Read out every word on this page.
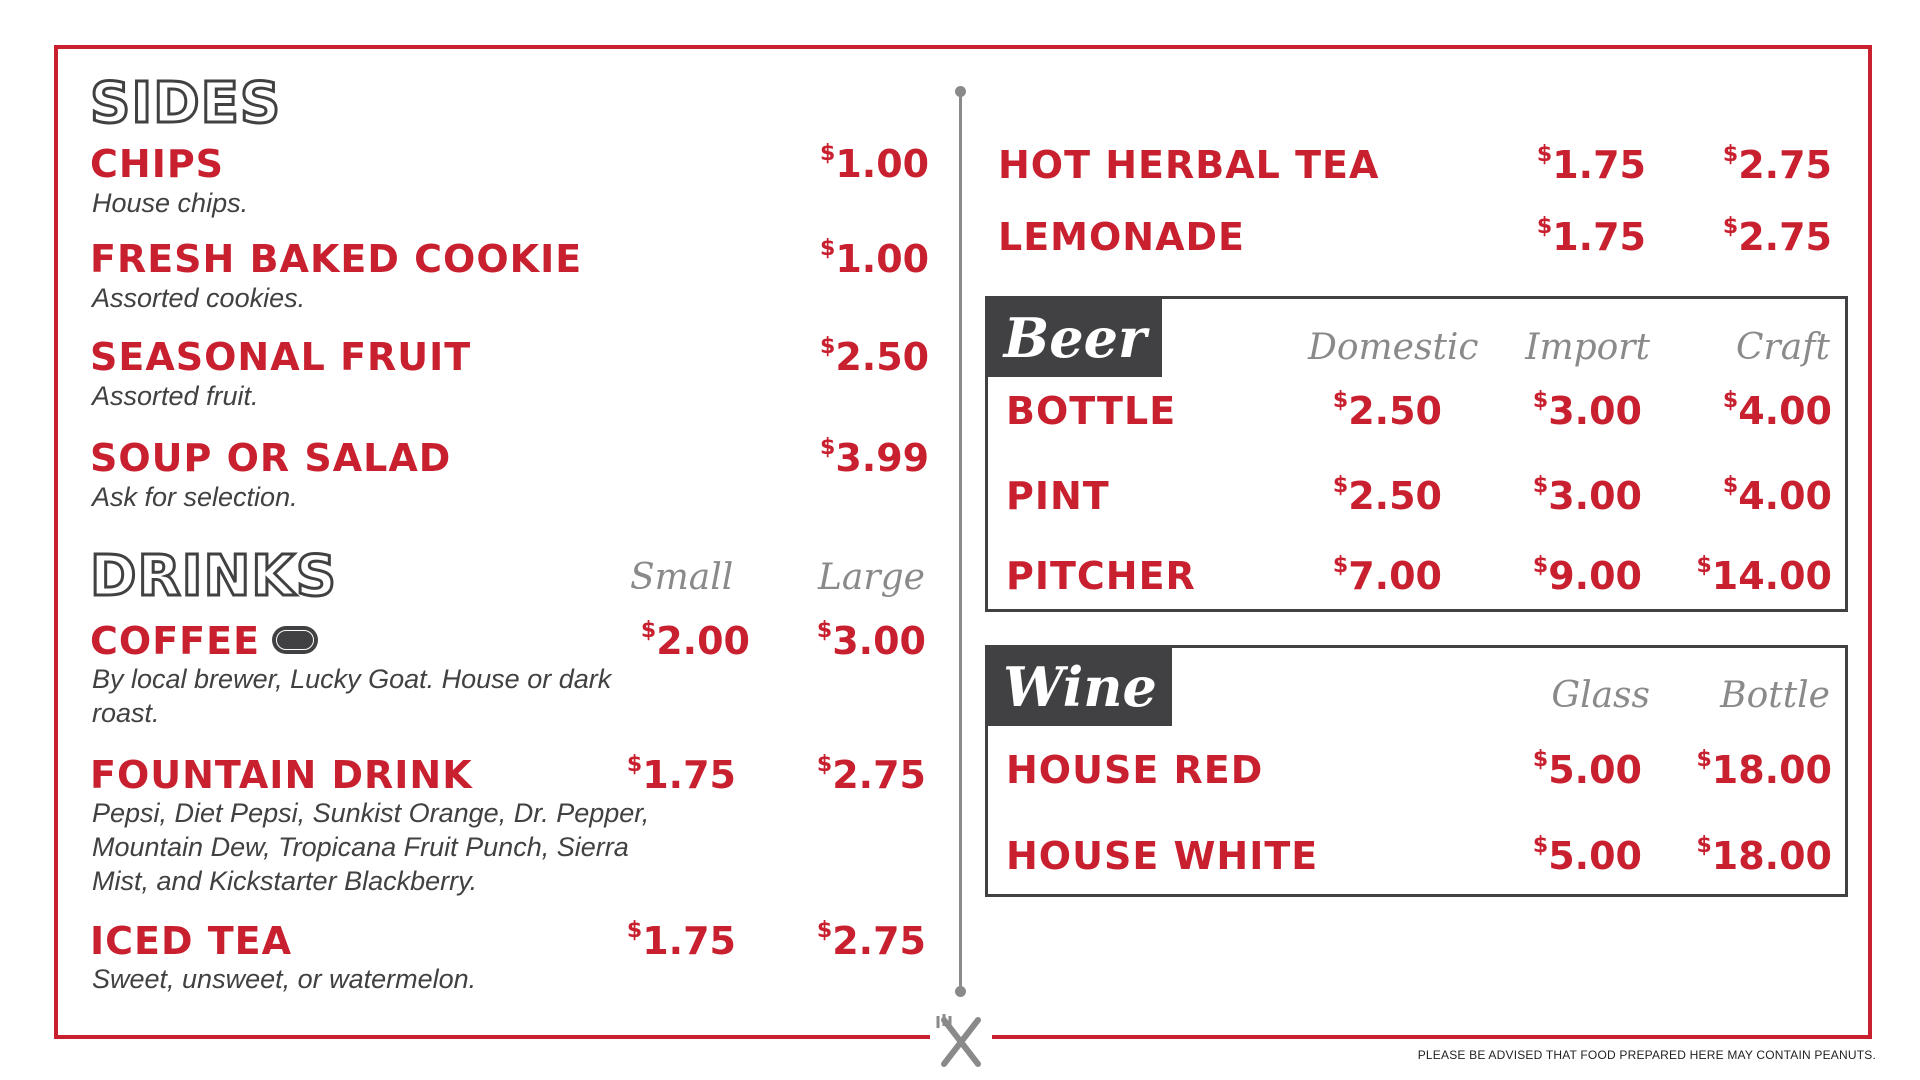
SIDES
CHIPS	$1.00
House chips.
FRESH BAKED COOKIE	$1.00
Assorted cookies.
SEASONAL FRUIT	$2.50
Assorted fruit.
SOUP OR SALAD	$3.99
Ask for selection.
DRINKS	Small Large
COFFEE	$2.00	$3.00
By local brewer, Lucky Goat. House or dark roast.
FOUNTAIN DRINK	$1.75	$2.75
Pepsi, Diet Pepsi, Sunkist Orange, Dr. Pepper, Mountain Dew, Tropicana Fruit Punch, Sierra Mist, and Kickstarter Blackberry.
ICED TEA	$1.75	$2.75
Sweet, unsweet, or watermelon.
HOT HERBAL TEA	$1.75	$2.75
LEMONADE	$1.75	$2.75
Beer	Domestic	Import	Craft
BOTTLE	$2.50	$3.00	$4.00
PINT	$2.50	$3.00	$4.00
PITCHER	$7.00	$9.00	$14.00
Wine	Glass	Bottle
HOUSE RED	$5.00	$18.00
HOUSE WHITE	$5.00	$18.00
PLEASE BE ADVISED THAT FOOD PREPARED HERE MAY CONTAIN PEANUTS.
